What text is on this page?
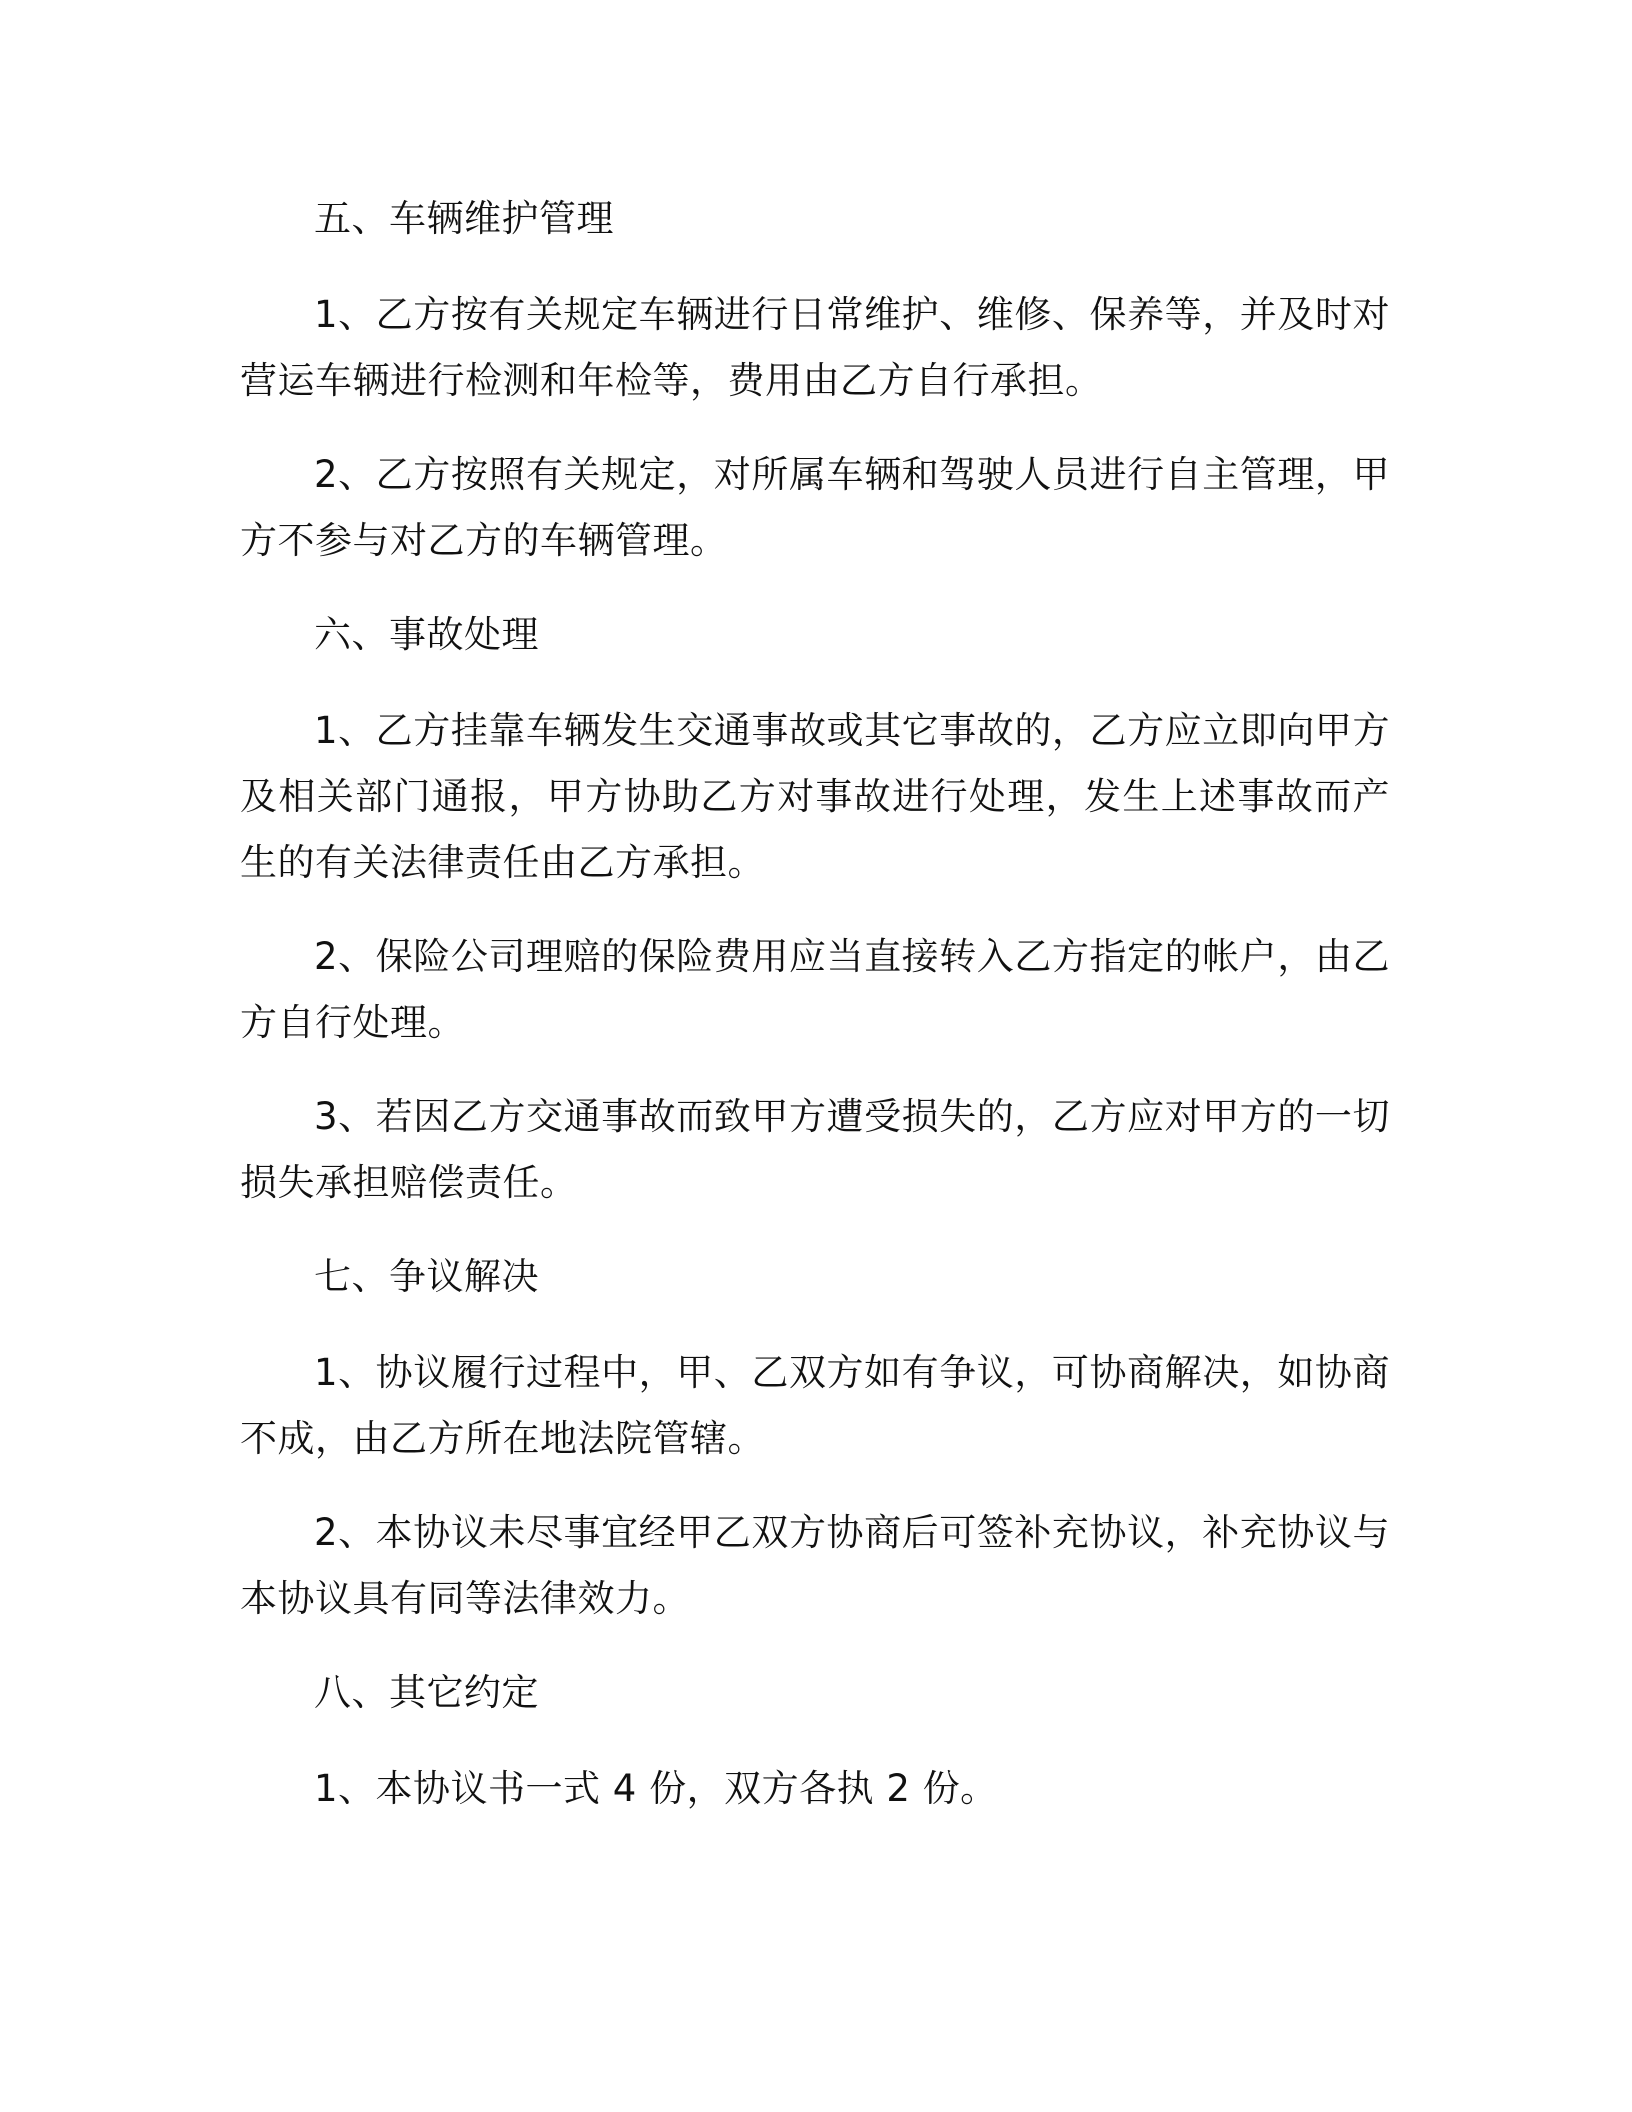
五、车辆维护管理

1、乙方按有关规定车辆进行日常维护、维修、保养等，并及时对营运车辆进行检测和年检等，费用由乙方自行承担。

2、乙方按照有关规定，对所属车辆和驾驶人员进行自主管理，甲方不参与对乙方的车辆管理。

六、事故处理

1、乙方挂靠车辆发生交通事故或其它事故的，乙方应立即向甲方及相关部门通报，甲方协助乙方对事故进行处理，发生上述事故而产生的有关法律责任由乙方承担。

2、保险公司理赔的保险费用应当直接转入乙方指定的帐户，由乙方自行处理。

3、若因乙方交通事故而致甲方遭受损失的，乙方应对甲方的一切损失承担赔偿责任。

七、争议解决

1、协议履行过程中，甲、乙双方如有争议，可协商解决，如协商不成，由乙方所在地法院管辖。

2、本协议未尽事宜经甲乙双方协商后可签补充协议，补充协议与本协议具有同等法律效力。

八、其它约定

1、本协议书一式 4 份，双方各执 2 份。
